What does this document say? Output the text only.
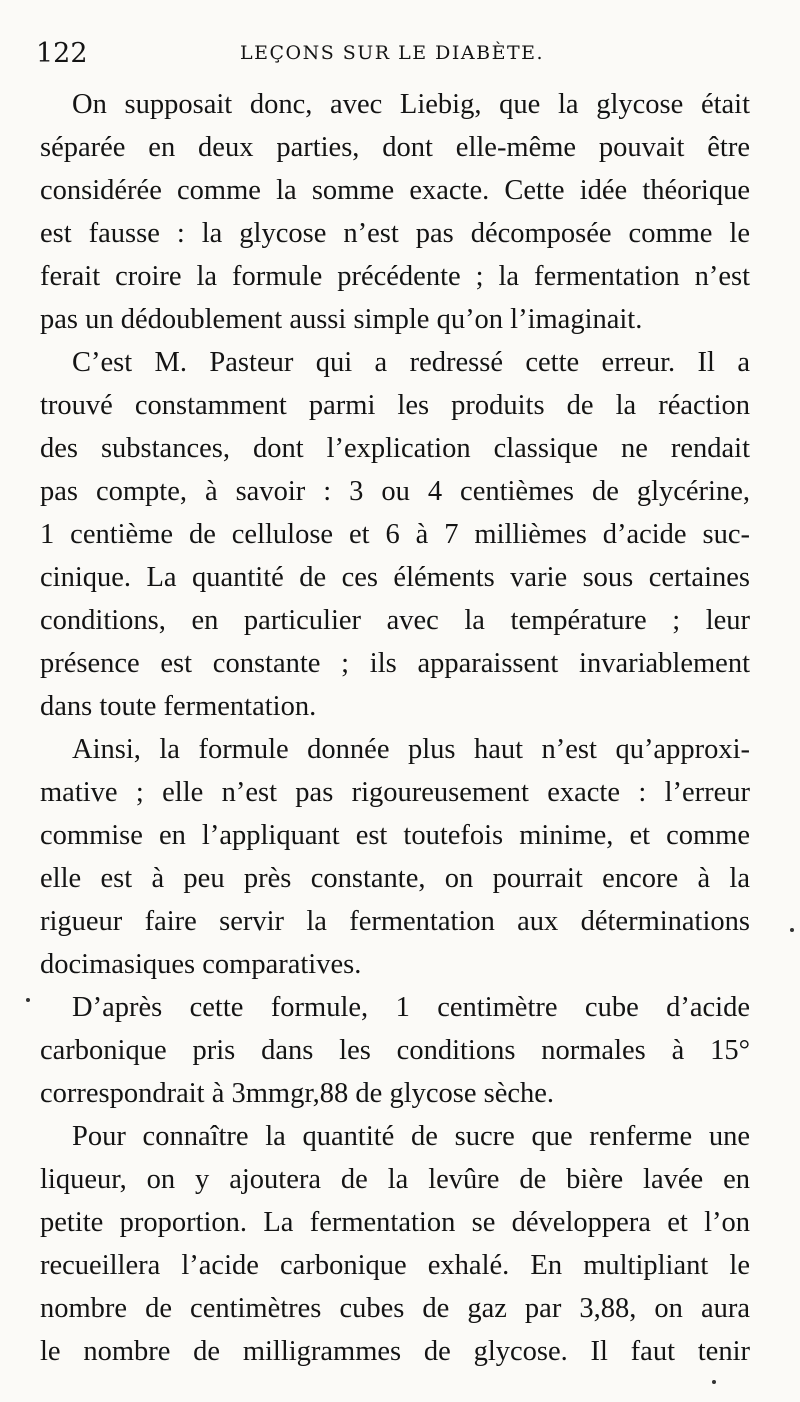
122	LEÇONS SUR LE DIABÈTE.
On supposait donc, avec Liebig, que la glycose était
séparée en deux parties, dont elle-même pouvait être
considérée comme la somme exacte. Cette idée théorique
est fausse : la glycose n’est pas décomposée comme le
ferait croire la formule précédente ; la fermentation n’est
pas un dédoublement aussi simple qu’on l’imaginait.
C’est M. Pasteur qui a redressé cette erreur. Il a
trouvé constamment parmi les produits de la réaction
des substances, dont l’explication classique ne rendait
pas compte, à savoir : 3 ou 4 centièmes de glycérine,
1 centième de cellulose et 6 à 7 millièmes d’acide suc-
cinique. La quantité de ces éléments varie sous certaines
conditions, en particulier avec la température ; leur
présence est constante ; ils apparaissent invariablement
dans toute fermentation.
Ainsi, la formule donnée plus haut n’est qu’approxi-
mative ; elle n’est pas rigoureusement exacte : l’erreur
commise en l’appliquant est toutefois minime, et comme
elle est à peu près constante, on pourrait encore à la
rigueur faire servir la fermentation aux déterminations
docimasiques comparatives.
D’après cette formule, 1 centimètre cube d’acide
carbonique pris dans les conditions normales à 15°
correspondrait à 3mmgr,88 de glycose sèche.
Pour connaître la quantité de sucre que renferme une
liqueur, on y ajoutera de la levûre de bière lavée en
petite proportion. La fermentation se développera et l’on
recueillera l’acide carbonique exhalé. En multipliant le
nombre de centimètres cubes de gaz par 3,88, on aura
le nombre de milligrammes de glycose. Il faut tenir
